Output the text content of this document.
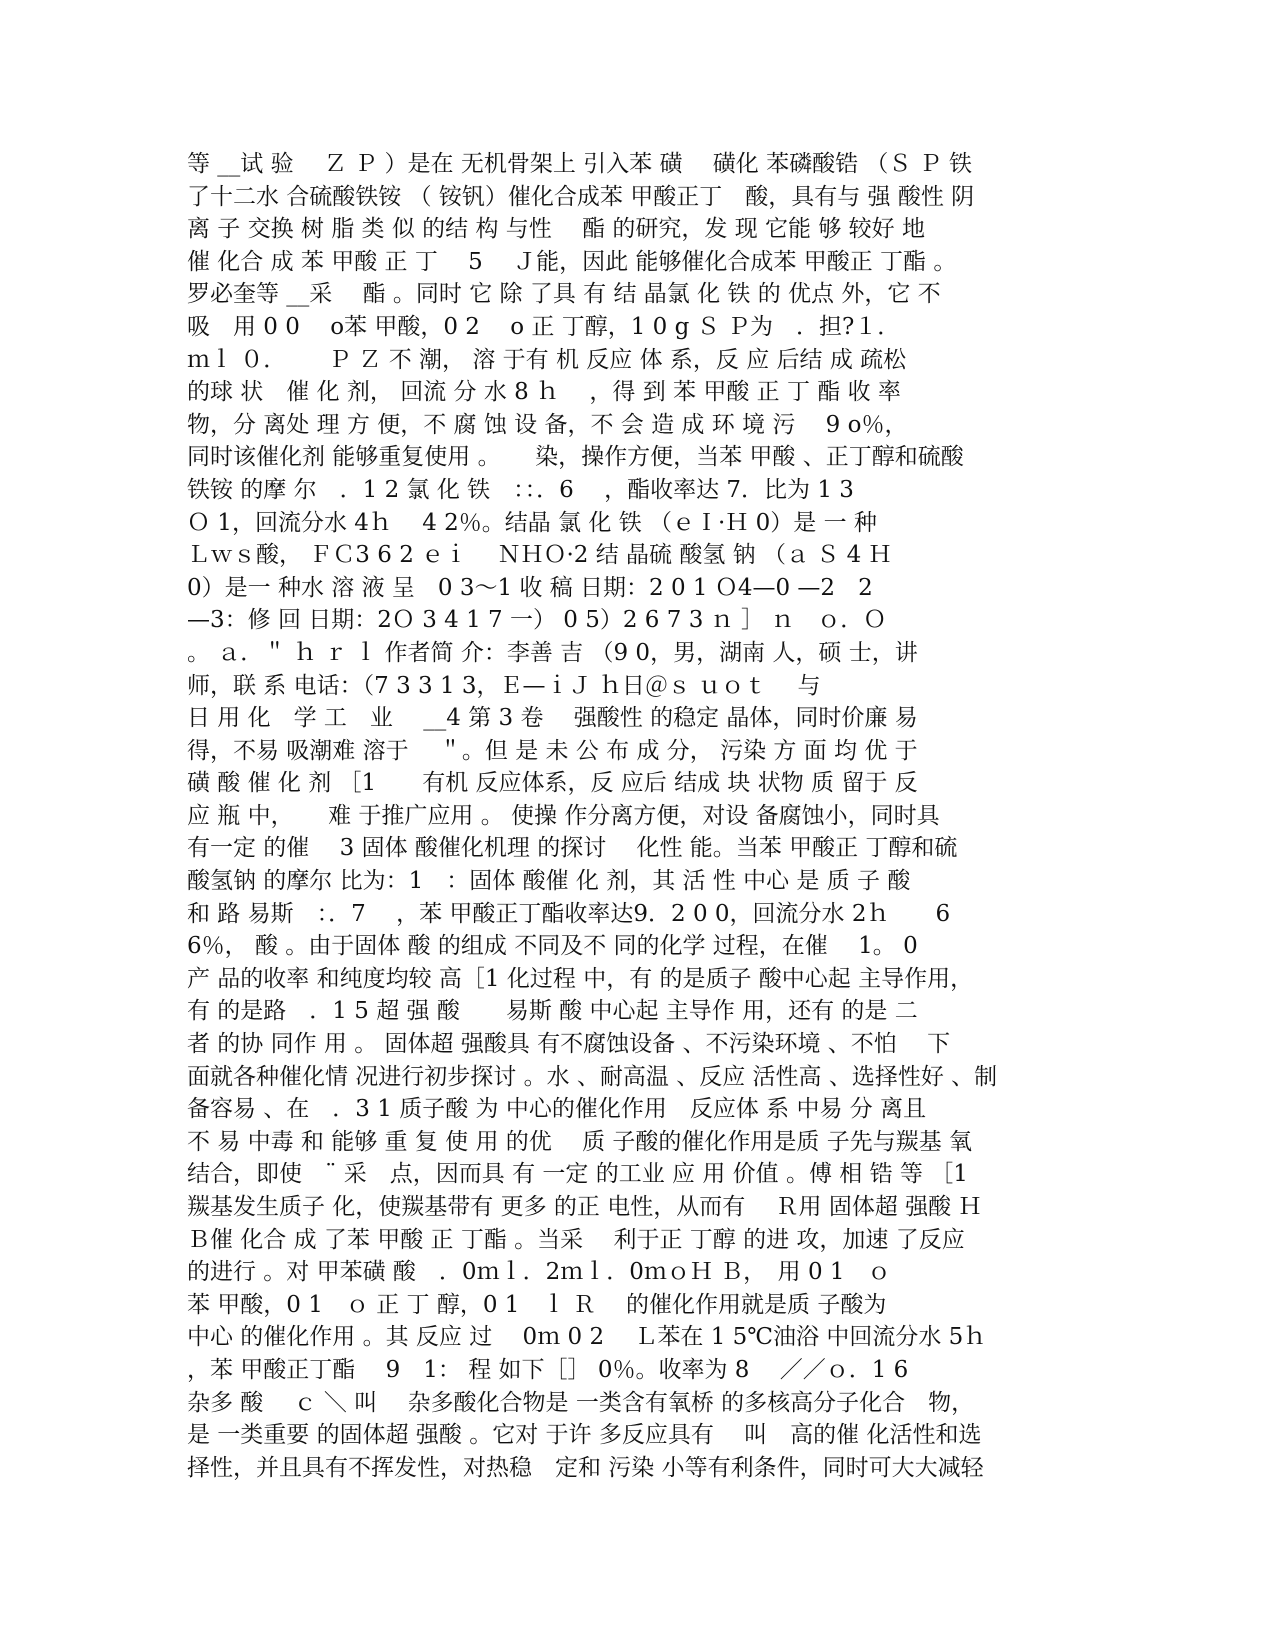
等 __试 验　 Ｚ Ｐ ）是在 无机骨架上 引入苯 磺　 磺化 苯磷酸锆 （Ｓ Ｐ 铁
了十二水 合硫酸铁铵 （ 铵钒）催化合成苯 甲酸正丁　酸，具有与 强 酸性 阴
离 子 交换 树 脂 类 似 的结 构 与性　 酯 的研究，发 现 它能 够 较好 地
催 化合 成 苯 甲酸 正 丁　 5　 Ｊ能，因此 能够催化合成苯 甲酸正 丁酯 。
罗必奎等 __采　 酯 。同时 它 除 了具 有 结 晶氯 化 铁 的 优点 外，它 不
吸　用 0 0　 o苯 甲酸，0 2　 o 正 丁醇，1 0 g Ｓ Ｐ为　．担?１．
ｍｌ ０．　　 Ｐ Ｚ 不 潮， 溶 于有 机 反应 体 系，反 应 后结 成 疏松
的球 状　催 化 剂， 回流 分 水 8 ｈ　 ，得 到 苯 甲酸 正 丁 酯 收 率
物，分 离处 理 方 便，不 腐 蚀 设 备，不 会 造 成 环 境 污　 9 o％，
同时该催化剂 能够重复使用 。　　染，操作方便，当苯 甲酸 、正丁醇和硫酸
铁铵 的摩 尔　．1 2 氯 化 铁　：：．6　 ，酯收率达 7．比为 1 3
Ｏ 1，回流分水 4ｈ　 4 2％。结晶 氯 化 铁 （ｅＩ·Ｈ 0）是 一 种
Ｌｗｓ酸， ＦＣ3 6 2 ｅｉ　 ＮＨＯ·2 结 晶硫 酸氢 钠 （ａ Ｓ 4 Ｈ
0）是一 种水 溶 液 呈　0 3～1 收 稿 日期：2 0 1 Ｏ4—0 —2　2
—3：修 回 日期：2Ｏ 3 4 1 7 一） 0 5）2 6 7 3 ｎ ］ ｎ　ｏ．Ｏ
。 ａ．＂ ｈ ｒ ｌ 作者简 介：李善 吉 （9 0，男，湖南 人，硕 士，讲
师，联 系 电话：（7 3 3 1 3，Ｅ—ｉＪ ｈ日＠ｓ ｕｏｔ　 与
日 用 化　学 工　业　 __4 第 3 卷　 强酸性 的稳定 晶体，同时价廉 易
得，不易 吸潮难 溶于　 ＂。但 是 未 公 布 成 分， 污染 方 面 均 优 于
磺 酸 催 化 剂 ［1　　有机 反应体系，反 应后 结成 块 状物 质 留于 反
应 瓶 中，　　难 于推广应用 。 使操 作分离方便，对设 备腐蚀小，同时具
有一定 的催　 3 固体 酸催化机理 的探讨　 化性 能。当苯 甲酸正 丁醇和硫
酸氢钠 的摩尔 比为：1　：固体 酸催 化 剂，其 活 性 中心 是 质 子 酸
和 路 易斯　：．7　 ，苯 甲酸正丁酯收率达9．2 0 0，回流分水 2ｈ　　6
6％， 酸 。由于固体 酸 的组成 不同及不 同的化学 过程，在催　 1。 0
产 品的收率 和纯度均较 高［1 化过程 中，有 的是质子 酸中心起 主导作用，
有 的是路　．1 5 超 强 酸　　易斯 酸 中心起 主导作 用，还有 的是 二
者 的协 同作 用 。 固体超 强酸具 有不腐蚀设备 、不污染环境 、不怕　 下
面就各种催化情 况进行初步探讨 。水 、耐高温 、反应 活性高 、选择性好 、制
备容易 、在　．3 1 质子酸 为 中心的催化作用　反应体 系 中易 分 离且
不 易 中毒 和 能够 重 复 使 用 的优　 质 子酸的催化作用是质 子先与羰基 氧
结合，即使　¨ 采　点，因而具 有 一定 的工业 应 用 价值 。傅 相 锆 等 ［1
羰基发生质子 化，使羰基带有 更多 的正 电性，从而有　 Ｒ用 固体超 强酸 Ｈ
Ｂ催 化合 成 了苯 甲酸 正 丁酯 。当采　 利于正 丁醇 的进 攻，加速 了反应
的进行 。对 甲苯磺 酸　．0ｍｌ．2ｍｌ．0ｍｏＨ Ｂ，　用 0 1　ｏ
苯 甲酸，0 1　ｏ 正 丁 醇，0 1　ｌ Ｒ　 的催化作用就是质 子酸为
中心 的催化作用 。其 反应 过　 0ｍ 0 2　 Ｌ苯在 1 5℃油浴 中回流分水 5ｈ
，苯 甲酸正丁酯　 9　1： 程 如下［］ 0％。收率为 8　 ／／ｏ．1 6
杂多 酸　 ｃ ＼ 叫　 杂多酸化合物是 一类含有氧桥 的多核高分子化合　物，
是 一类重要 的固体超 强酸 。它对 于许 多反应具有　 叫　高的催 化活性和选
择性，并且具有不挥发性，对热稳　定和 污染 小等有利条件，同时可大大减轻
